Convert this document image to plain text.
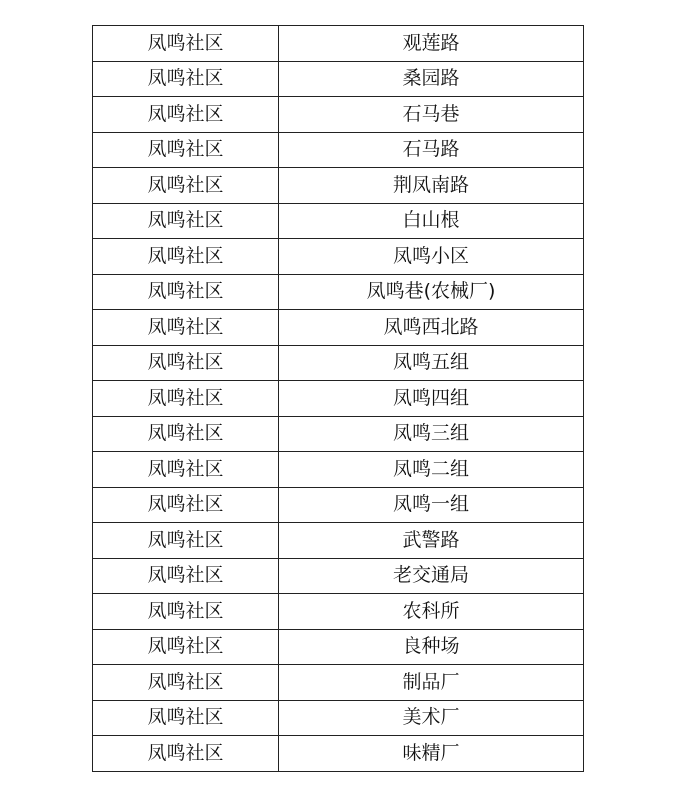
凤鸣社区	观莲路
凤鸣社区	桑园路
凤鸣社区	石马巷
凤鸣社区	石马路
凤鸣社区	荆凤南路
凤鸣社区	白山根
凤鸣社区	凤鸣小区
凤鸣社区	凤鸣巷(农械厂)
凤鸣社区	凤鸣西北路
凤鸣社区	凤鸣五组
凤鸣社区	凤鸣四组
凤鸣社区	凤鸣三组
凤鸣社区	凤鸣二组
凤鸣社区	凤鸣一组
凤鸣社区	武警路
凤鸣社区	老交通局
凤鸣社区	农科所
凤鸣社区	良种场
凤鸣社区	制品厂
凤鸣社区	美术厂
凤鸣社区	味精厂
